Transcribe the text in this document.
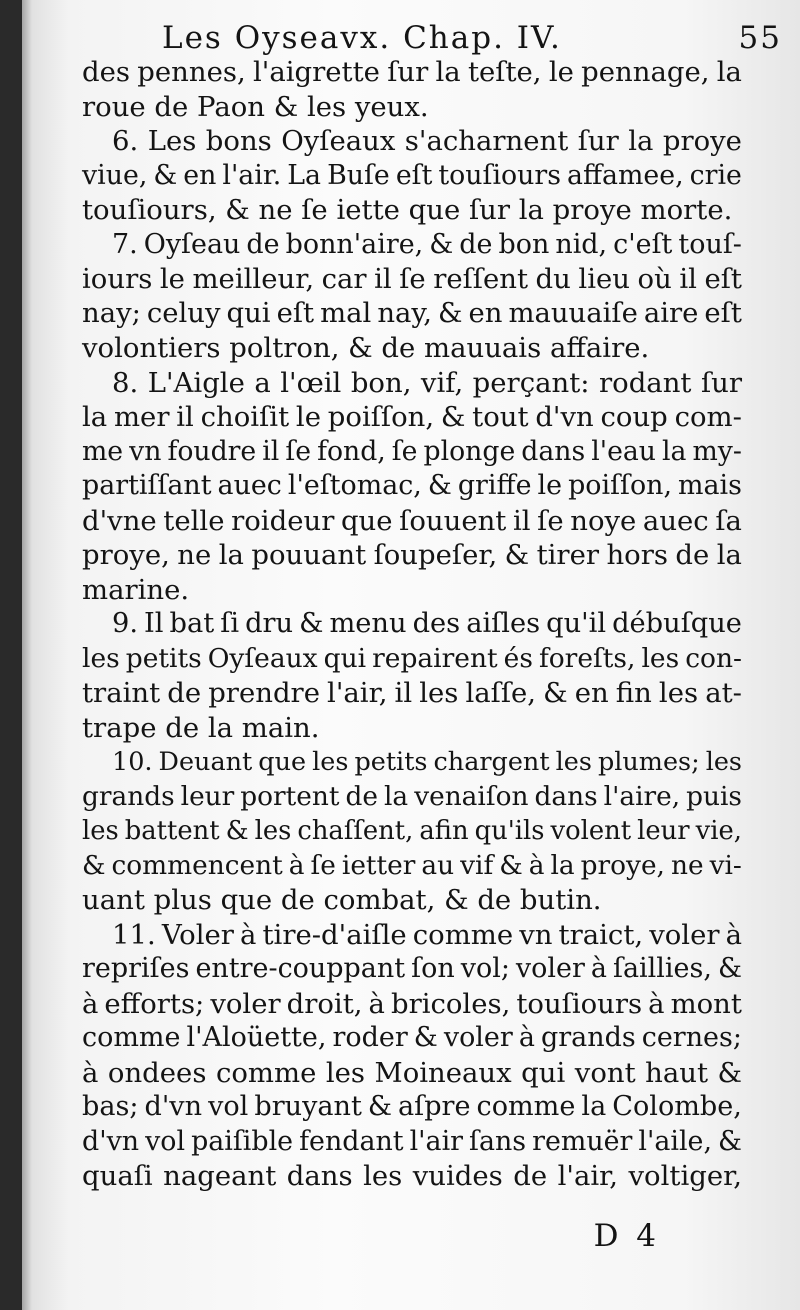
Les Oyseavx. Chap. IV.	55
des pennes, l'aigrette ſur la teſte, le pennage, la
roue de Paon & les yeux.
6. Les bons Oyſeaux s'acharnent ſur la proye
viue, & en l'air. La Buſe eſt touſiours affamee, crie
touſiours, & ne ſe iette que ſur la proye morte.
7. Oyſeau de bonn'aire, & de bon nid, c'eſt touſ-
iours le meilleur, car il ſe reſſent du lieu où il eſt
nay; celuy qui eſt mal nay, & en mauuaiſe aire eſt
volontiers poltron, & de mauuais affaire.
8. L'Aigle a l'œil bon, vif, perçant: rodant ſur
la mer il choiſit le poiſſon, & tout d'vn coup com-
me vn foudre il ſe fond, ſe plonge dans l'eau la my-
partiſſant auec l'eſtomac, & griffe le poiſſon, mais
d'vne telle roideur que ſouuent il ſe noye auec ſa
proye, ne la pouuant ſoupeſer, & tirer hors de la
marine.
9. Il bat ſi dru & menu des aiſles qu'il débuſque
les petits Oyſeaux qui repairent és foreſts, les con-
traint de prendre l'air, il les laſſe, & en fin les at-
trape de la main.
10. Deuant que les petits chargent les plumes; les
grands leur portent de la venaiſon dans l'aire, puis
les battent & les chaſſent, afin qu'ils volent leur vie,
& commencent à ſe ietter au vif & à la proye, ne vi-
uant plus que de combat, & de butin.
11. Voler à tire-d'aiſle comme vn traict, voler à
repriſes entre-couppant ſon vol; voler à ſaillies, &
à efforts; voler droit, à bricoles, touſiours à mont
comme l'Aloüette, roder & voler à grands cernes;
à ondees comme les Moineaux qui vont haut &
bas; d'vn vol bruyant & aſpre comme la Colombe,
d'vn vol paiſible fendant l'air ſans remuër l'aile, &
quaſi nageant dans les vuides de l'air, voltiger,
D 4
